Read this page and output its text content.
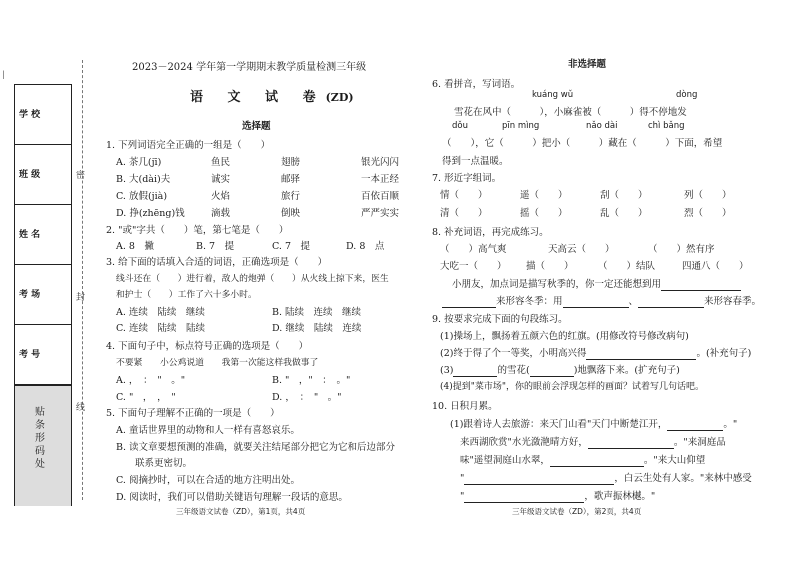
|
学 校
班 级
姓 名
考 场
考 号
贴条形码处
密
封
线
2023－2024 学年第一学期期末教学质量检测三年级
语 文 试 卷(ZD)
选择题
1. 下列词语完全正确的一组是（　　）
A. 茶几(jī)	鱼民	翅膀	银光闪闪
B. 大(dài)夫	诚实	邮驿	一本正经
C. 放假(jià)	火焰	旅行	百依百顺
D. 挣(zhēng)钱	滴载	倒映	严严实实
2. "或"字共（　　）笔，第七笔是（　　）
A. 8　撇	B. 7　提	C. 7　提	D. 8　点
3. 给下面的话填入合适的词语，正确选项是（　　）
线斗还在（　　）进行着，敌人的炮弹（　　）从火线上掠下来，医生
和护士（　　）工作了六十多小时。
A. 连续　陆续　继续	B. 陆续　连续　继续
C. 连续　陆续　陆续	D. 继续　陆续　连续
4. 下面句子中，标点符号正确的选项是（　　）
不要紧　　小公鸡说道　　我第一次能这样我做事了
A. ，　：　"　。"	B. "　，"　：　。"
C. "　，　，　"	D. ，　：　"　。"
5. 下面句子理解不正确的一项是（　　）
A. 童话世界里的动物和人一样有喜怒哀乐。
B. 读文章要想预测的准确，就要关注结尾部分把它为它和后边部分
　　联系更密切。
C. 阅摘抄时，可以在合适的地方注明出处。
D. 阅读时，我们可以借助关键语句理解一段话的意思。
三年级语文试卷（ZD），第1页，共4页
非选择题
6. 看拼音，写词语。
kuáng wǔ	dòng
雪花在风中（　　　），小麻雀被（　　　）得不停地发
dǒu	pīn mìng	nǎo dài	chì bǎng
（　　），它（　　　）把小（　　　）藏在（　　　）下面，希望
得到一点温暖。
7. 形近字组词。
情（　　）	遥（　　）	刮（　　）	列（　　）
清（　　）	摇（　　）	乱（　　）	烈（　　）
8. 补充词语，再完成练习。
（　　）高气爽	天高云（　　）	（　　）然有序
大吃一（　　） 描（　　）	（　　）结队	四通八（　　）
小朋友，加点词是描写秋季的，你一定还能想到用
来形容冬季：用	、	来形容春季。
9. 按要求完成下面的句段练习。
(1)操场上，飘扬着五颜六色的红旗。(用修改符号修改病句)
(2)终于得了个一等奖，小明高兴得	。(补充句子)
(3)	的雪花(	)地飘落下来。(扩充句子)
(4)提到"菜市场"，你的眼前会浮现怎样的画面？试着写几句话吧。
10. 日积月累。
(1)跟着诗人去旅游：来天门山看"天门中断楚江开，	。"
来西湖欣赏"水光潋滟晴方好，	。"来洞庭品
味"遥望洞庭山水翠，	。"来大山仰望
"	，白云生处有人家。"来林中感受
"	，歌声振林樾。"
三年级语文试卷（ZD），第2页，共4页
